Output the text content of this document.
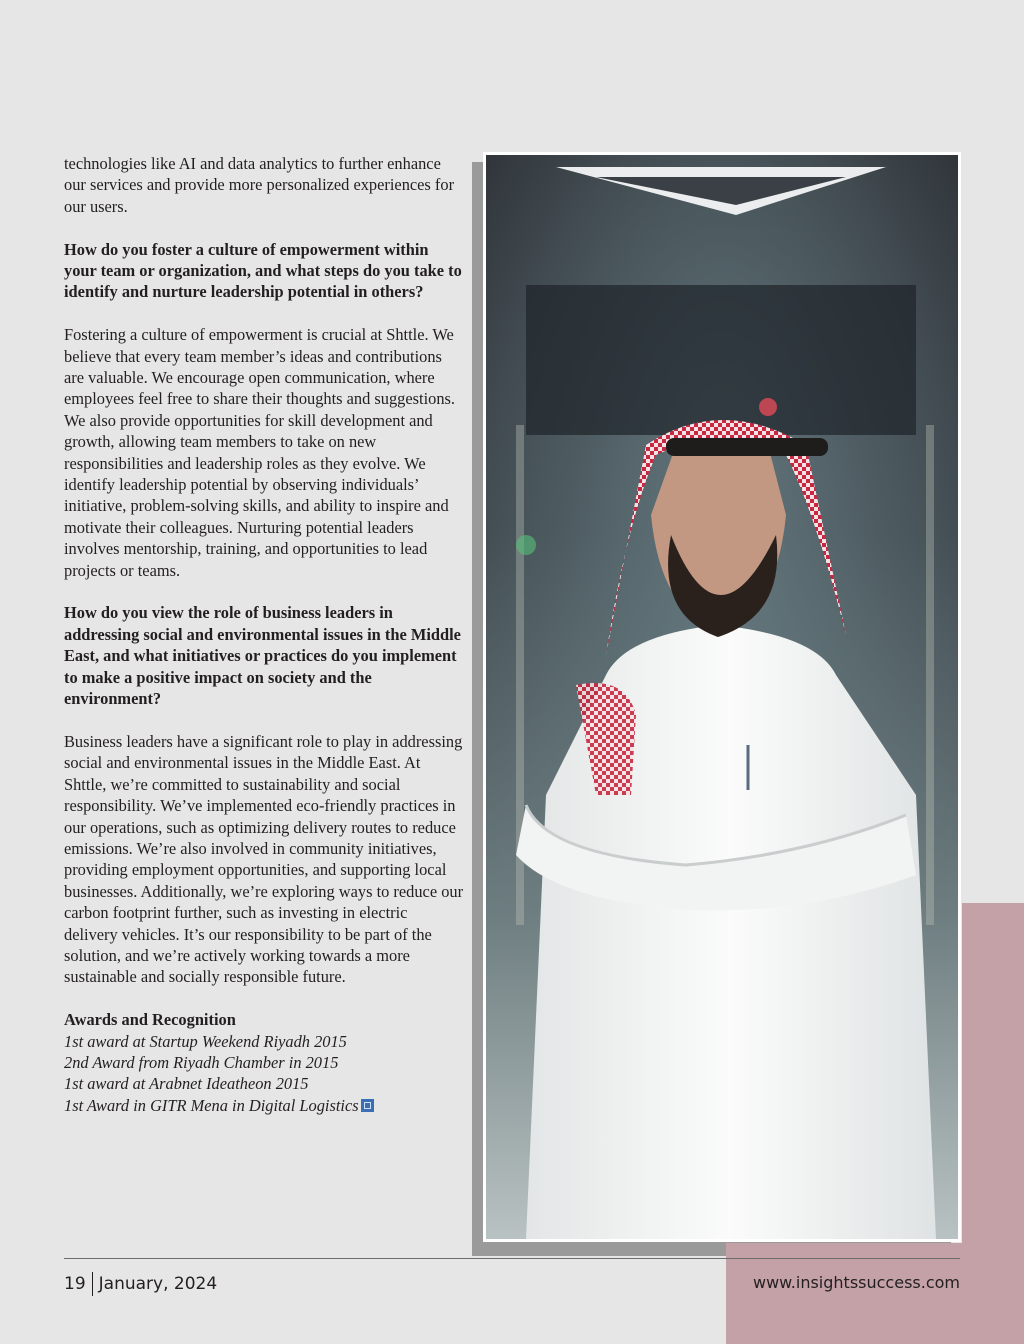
technologies like AI and data analytics to further enhance our services and provide more personalized experiences for our users.

How do you foster a culture of empowerment within your team or organization, and what steps do you take to identify and nurture leadership potential in others?

Fostering a culture of empowerment is crucial at Shttle. We believe that every team member’s ideas and contributions are valuable. We encourage open communication, where employees feel free to share their thoughts and suggestions. We also provide opportunities for skill development and growth, allowing team members to take on new responsibilities and leadership roles as they evolve. We identify leadership potential by observing individuals’ initiative, problem-solving skills, and ability to inspire and motivate their colleagues. Nurturing potential leaders involves mentorship, training, and opportunities to lead projects or teams.

How do you view the role of business leaders in addressing social and environmental issues in the Middle East, and what initiatives or practices do you implement to make a positive impact on society and the environment?

Business leaders have a significant role to play in addressing social and environmental issues in the Middle East. At Shttle, we’re committed to sustainability and social responsibility. We’ve implemented eco-friendly practices in our operations, such as optimizing delivery routes to reduce emissions. We’re also involved in community initiatives, providing employment opportunities, and supporting local businesses. Additionally, we’re exploring ways to reduce our carbon footprint further, such as investing in electric delivery vehicles. It’s our responsibility to be part of the solution, and we’re actively working towards a more sustainable and socially responsible future.

Awards and Recognition
1st award at Startup Weekend Riyadh 2015
2nd Award from Riyadh Chamber in 2015
1st award at Arabnet Ideatheon 2015
1st Award in GITR Mena in Digital Logistics
19 January, 2024	www.insightssuccess.com
